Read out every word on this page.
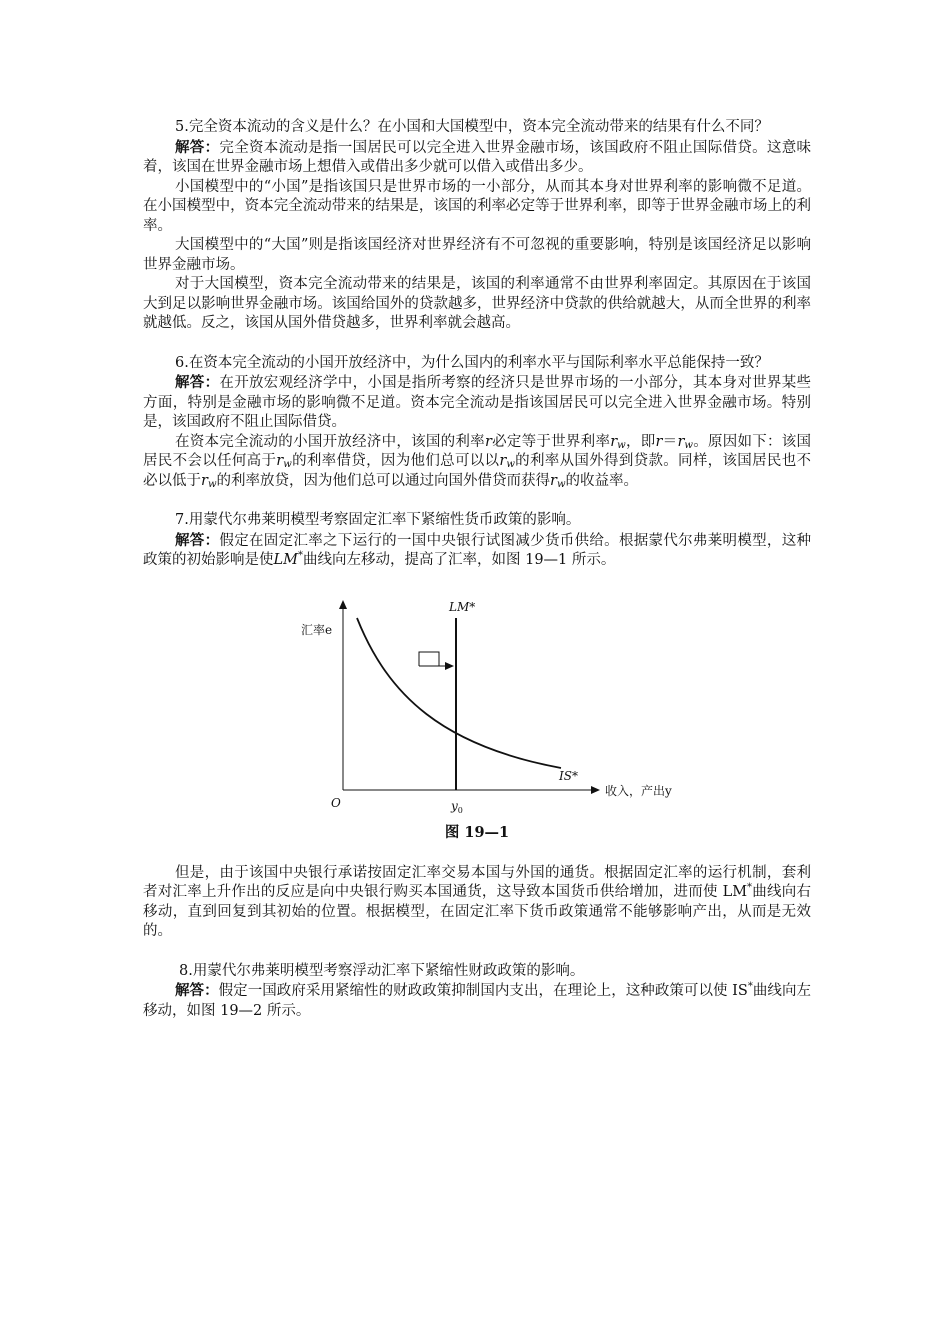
5.完全资本流动的含义是什么？在小国和大国模型中，资本完全流动带来的结果有什么不同？

解答：完全资本流动是指一国居民可以完全进入世界金融市场，该国政府不阻止国际借贷。这意味着，该国在世界金融市场上想借入或借出多少就可以借入或借出多少。

小国模型中的“小国”是指该国只是世界市场的一小部分，从而其本身对世界利率的影响微不足道。在小国模型中，资本完全流动带来的结果是，该国的利率必定等于世界利率，即等于世界金融市场上的利率。

大国模型中的“大国”则是指该国经济对世界经济有不可忽视的重要影响，特别是该国经济足以影响世界金融市场。

对于大国模型，资本完全流动带来的结果是，该国的利率通常不由世界利率固定。其原因在于该国大到足以影响世界金融市场。该国给国外的贷款越多，世界经济中贷款的供给就越大，从而全世界的利率就越低。反之，该国从国外借贷越多，世界利率就会越高。

6.在资本完全流动的小国开放经济中，为什么国内的利率水平与国际利率水平总能保持一致？

解答：在开放宏观经济学中，小国是指所考察的经济只是世界市场的一小部分，其本身对世界某些方面，特别是金融市场的影响微不足道。资本完全流动是指该国居民可以完全进入世界金融市场。特别是，该国政府不阻止国际借贷。

在资本完全流动的小国开放经济中，该国的利率r必定等于世界利率$r_w$，即$r=r_w$。原因如下：该国居民不会以任何高于$r_w$的利率借贷，因为他们总可以以$r_w$的利率从国外得到贷款。同样，该国居民也不必以低于$r_w$的利率放贷，因为他们总可以通过向国外借贷而获得$r_w$的收益率。

7.用蒙代尔弗莱明模型考察固定汇率下紧缩性货币政策的影响。

解答：假定在固定汇率之下运行的一国中央银行试图减少货币供给。根据蒙代尔弗莱明模型，这种政策的初始影响是使LM*曲线向左移动，提高了汇率，如图 19—1 所示。

汇率e
LM*
IS*
O	$y_0$
收入，产出y
图 19—1

但是，由于该国中央银行承诺按固定汇率交易本国与外国的通货。根据固定汇率的运行机制，套利者对汇率上升作出的反应是向中央银行购买本国通货，这导致本国货币供给增加，进而使 LM*曲线向右移动，直到回复到其初始的位置。根据模型，在固定汇率下货币政策通常不能够影响产出，从而是无效的。

8.用蒙代尔弗莱明模型考察浮动汇率下紧缩性财政政策的影响。

解答：假定一国政府采用紧缩性的财政政策抑制国内支出，在理论上，这种政策可以使 IS*曲线向左移动，如图 19—2 所示。
